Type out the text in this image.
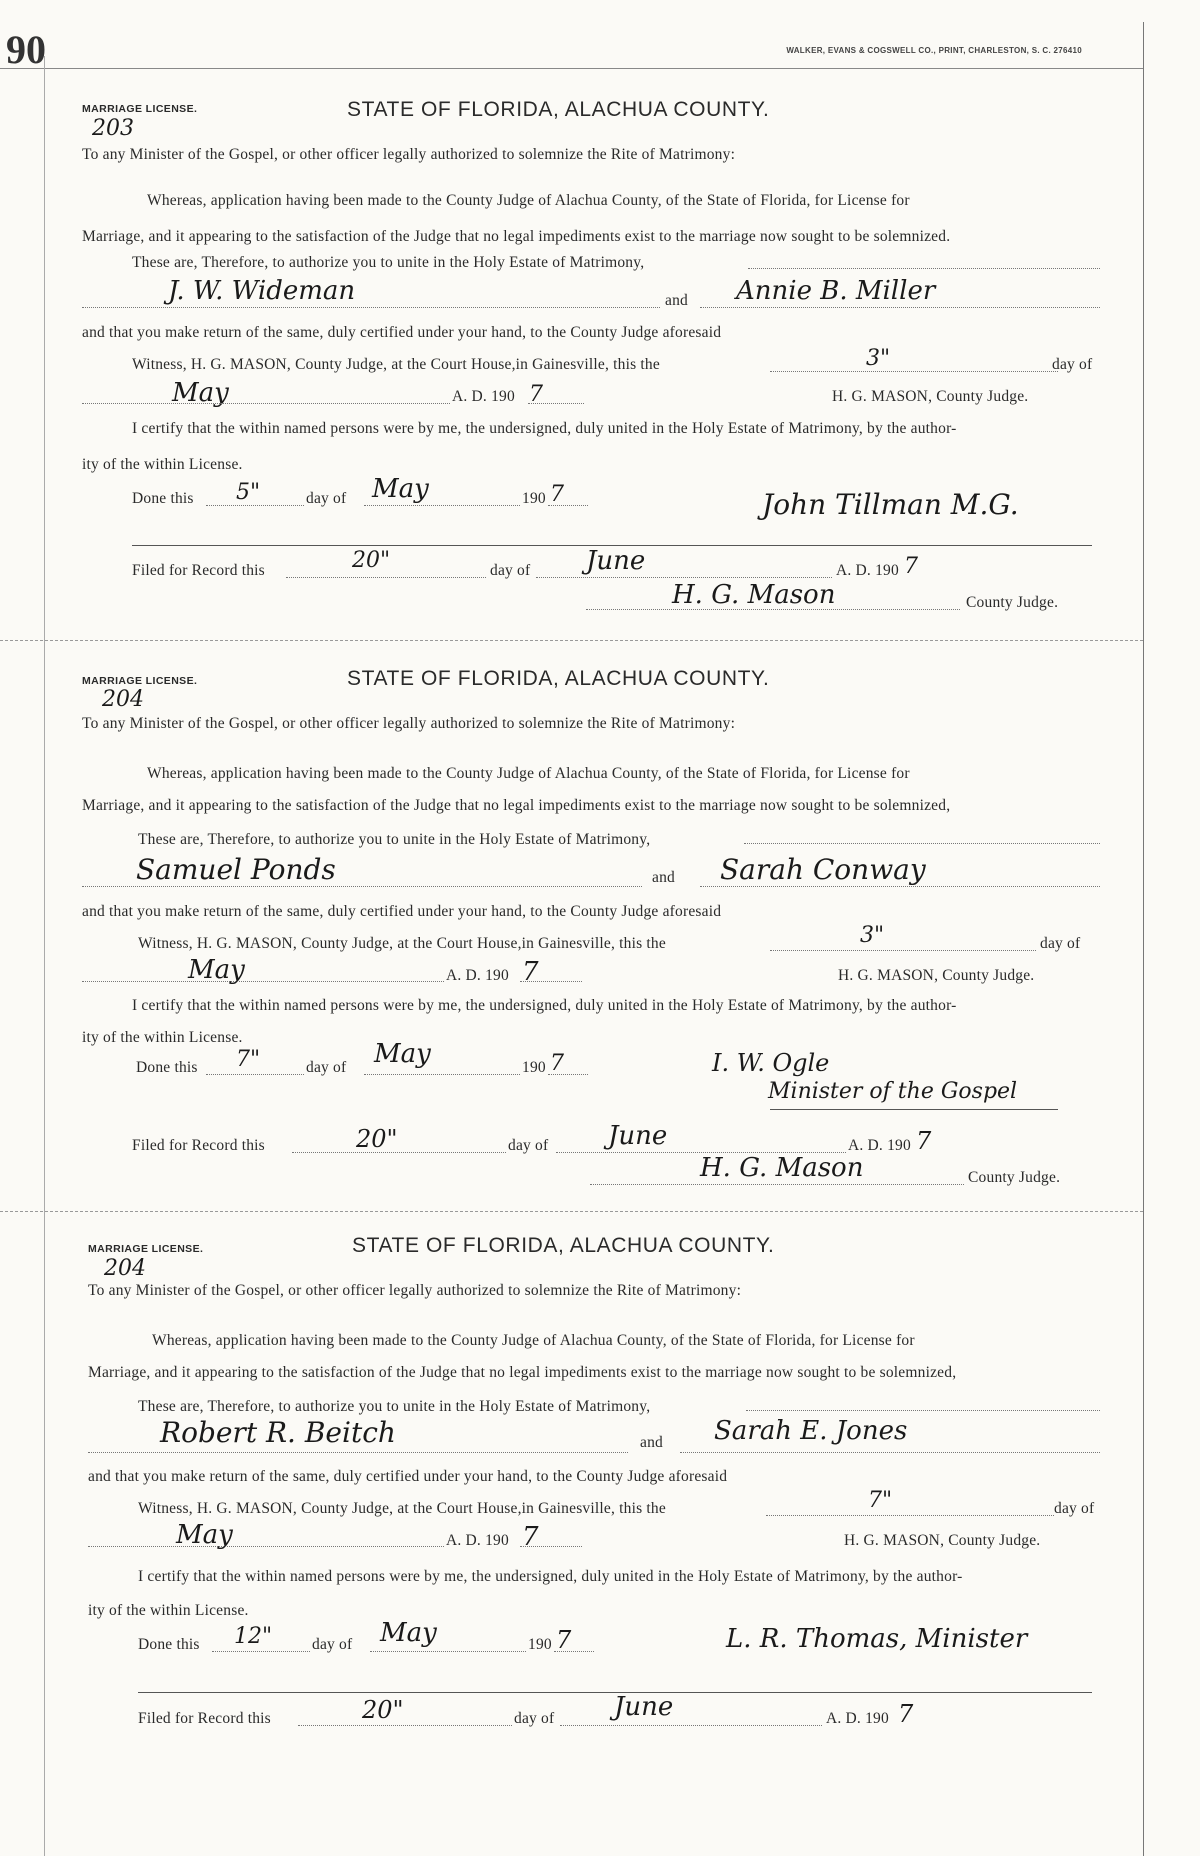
90	WALKER, EVANS & COGSWELL CO., PRINT, CHARLESTON, S. C. 276410
MARRIAGE LICENSE.
203
STATE OF FLORIDA, ALACHUA COUNTY.
To any Minister of the Gospel, or other officer legally authorized to solemnize the Rite of Matrimony:
Whereas, application having been made to the County Judge of Alachua County, of the State of Florida, for License for
Marriage, and it appearing to the satisfaction of the Judge that no legal impediments exist to the marriage now sought to be solemnized.
These are, Therefore, to authorize you to unite in the Holy Estate of Matrimony,
J. W. Wideman	and Annie B. Miller
and that you make return of the same, duly certified under your hand, to the County Judge aforesaid
Witness, H. G. MASON, County Judge, at the Court House,in Gainesville, this the	3"	day of
May	A. D. 190 7	H. G. MASON, County Judge.
I certify that the within named persons were by me, the undersigned, duly united in the Holy Estate of Matrimony, by the author-
ity of the within License.
Done this 5"	day of May	190 7	John Tillman M.G.
Filed for Record this	20"	day of June	A. D. 190 7
H. G. Mason	County Judge.
MARRIAGE LICENSE.
204
STATE OF FLORIDA, ALACHUA COUNTY.
To any Minister of the Gospel, or other officer legally authorized to solemnize the Rite of Matrimony:
Whereas, application having been made to the County Judge of Alachua County, of the State of Florida, for License for
Marriage, and it appearing to the satisfaction of the Judge that no legal impediments exist to the marriage now sought to be solemnized,
These are, Therefore, to authorize you to unite in the Holy Estate of Matrimony,
Samuel Ponds	and Sarah Conway
and that you make return of the same, duly certified under your hand, to the County Judge aforesaid
Witness, H. G. MASON, County Judge, at the Court House,in Gainesville, this the	3"	day of
May	A. D. 190 7	H. G. MASON, County Judge.
I certify that the within named persons were by me, the undersigned, duly united in the Holy Estate of Matrimony, by the author-
ity of the within License.
Done this 7"	day of May	190 7	I. W. Ogle
Minister of the Gospel
Filed for Record this	20"	day of June	A. D. 190 7
H. G. Mason	County Judge.
MARRIAGE LICENSE.
204
STATE OF FLORIDA, ALACHUA COUNTY.
To any Minister of the Gospel, or other officer legally authorized to solemnize the Rite of Matrimony:
Whereas, application having been made to the County Judge of Alachua County, of the State of Florida, for License for
Marriage, and it appearing to the satisfaction of the Judge that no legal impediments exist to the marriage now sought to be solemnized,
These are, Therefore, to authorize you to unite in the Holy Estate of Matrimony,
Robert R. Beitch	and Sarah E. Jones
and that you make return of the same, duly certified under your hand, to the County Judge aforesaid
Witness, H. G. MASON, County Judge, at the Court House,in Gainesville, this the	7"	day of
May	A. D. 190 7	H. G. MASON, County Judge.
I certify that the within named persons were by me, the undersigned, duly united in the Holy Estate of Matrimony, by the author-
ity of the within License.
Done this 12"	day of May	190 7	L. R. Thomas, Minister
Filed for Record this	20"	day of June	A. D. 190 7
